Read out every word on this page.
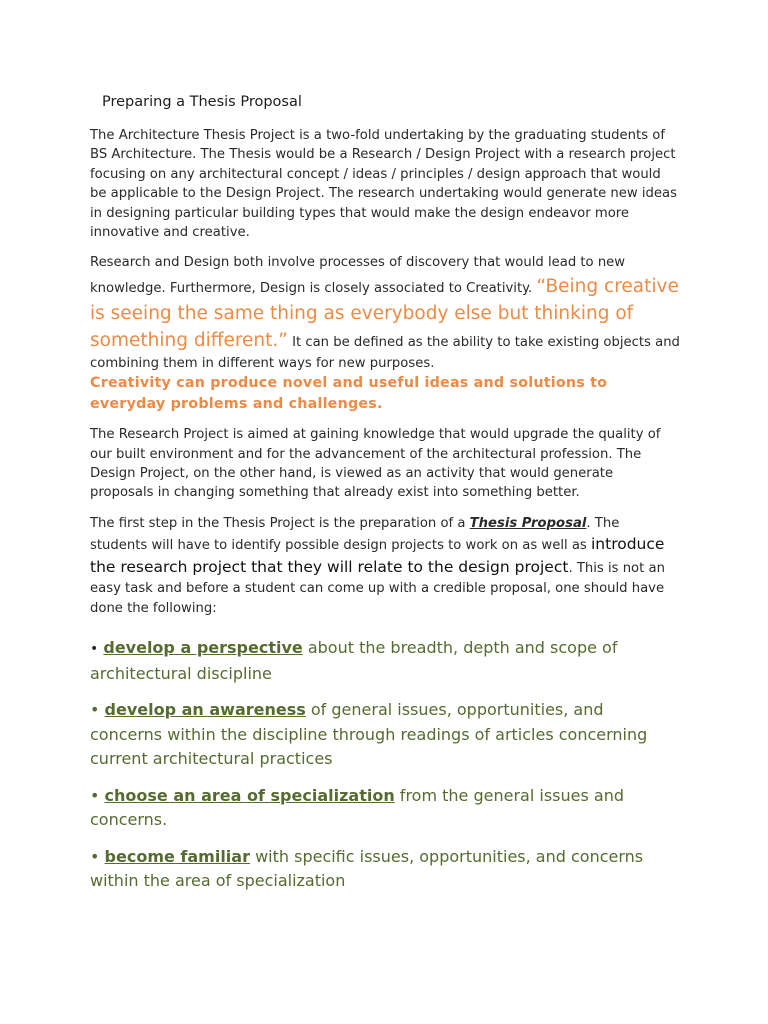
Preparing a Thesis Proposal

The Architecture Thesis Project is a two-fold undertaking by the graduating students of BS Architecture. The Thesis would be a Research / Design Project with a research project focusing on any architectural concept / ideas / principles / design approach that would be applicable to the Design Project. The research undertaking would generate new ideas in designing particular building types that would make the design endeavor more innovative and creative.

Research and Design both involve processes of discovery that would lead to new knowledge. Furthermore, Design is closely associated to Creativity. “Being creative is seeing the same thing as everybody else but thinking of something different.” It can be defined as the ability to take existing objects and combining them in different ways for new purposes.
Creativity can produce novel and useful ideas and solutions to everyday problems and challenges.

The Research Project is aimed at gaining knowledge that would upgrade the quality of our built environment and for the advancement of the architectural profession. The Design Project, on the other hand, is viewed as an activity that would generate proposals in changing something that already exist into something better.

The first step in the Thesis Project is the preparation of a Thesis Proposal. The students will have to identify possible design projects to work on as well as introduce the research project that they will relate to the design project. This is not an easy task and before a student can come up with a credible proposal, one should have done the following:

• develop a perspective about the breadth, depth and scope of architectural discipline
• develop an awareness of general issues, opportunities, and concerns within the discipline through readings of articles concerning current architectural practices
• choose an area of specialization from the general issues and concerns.
• become familiar with specific issues, opportunities, and concerns within the area of specialization
